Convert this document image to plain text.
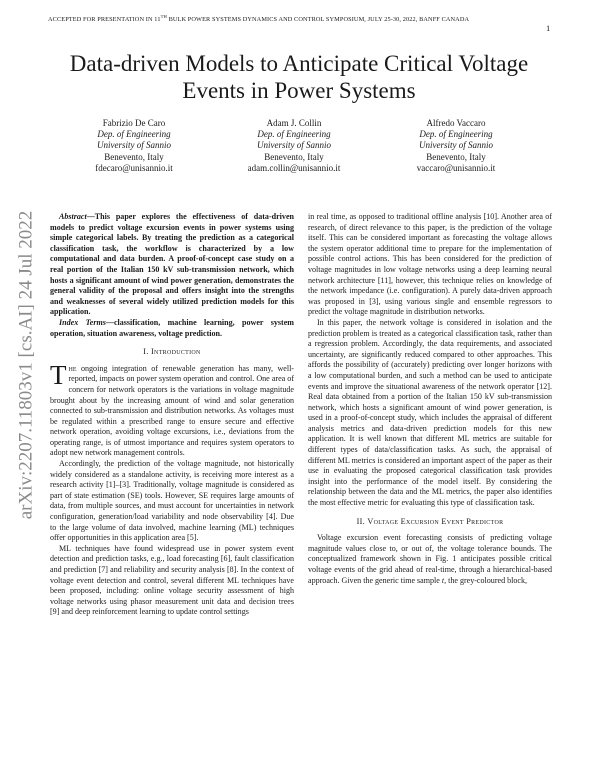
ACCEPTED FOR PRESENTATION IN 11TH BULK POWER SYSTEMS DYNAMICS AND CONTROL SYMPOSIUM, JULY 25-30, 2022, BANFF CANADA
1
arXiv:2207.11803v1 [cs.AI] 24 Jul 2022
Data-driven Models to Anticipate Critical Voltage Events in Power Systems
Fabrizio De Caro
Dep. of Engineering
University of Sannio
Benevento, Italy
fdecaro@unisannio.it
Adam J. Collin
Dep. of Engineering
University of Sannio
Benevento, Italy
adam.collin@unisannio.it
Alfredo Vaccaro
Dep. of Engineering
University of Sannio
Benevento, Italy
vaccaro@unisannio.it

Abstract—This paper explores the effectiveness of data-driven models to predict voltage excursion events in power systems using simple categorical labels. By treating the prediction as a categorical classification task, the workflow is characterized by a low computational and data burden. A proof-of-concept case study on a real portion of the Italian 150 kV sub-transmission network, which hosts a significant amount of wind power generation, demonstrates the general validity of the proposal and offers insight into the strengths and weaknesses of several widely utilized prediction models for this application.

Index Terms—classification, machine learning, power system operation, situation awareness, voltage prediction.

I. Introduction

The ongoing integration of renewable generation has many, well-reported, impacts on power system operation and control. One area of concern for network operators is the variations in voltage magnitude brought about by the increasing amount of wind and solar generation connected to sub-transmission and distribution networks. As voltages must be regulated within a prescribed range to ensure secure and effective network operation, avoiding voltage excursions, i.e., deviations from the operating range, is of utmost importance and requires system operators to adopt new network management controls.

Accordingly, the prediction of the voltage magnitude, not historically widely considered as a standalone activity, is receiving more interest as a research activity [1]–[3]. Traditionally, voltage magnitude is considered as part of state estimation (SE) tools. However, SE requires large amounts of data, from multiple sources, and must account for uncertainties in network configuration, generation/load variability and node observability [4]. Due to the large volume of data involved, machine learning (ML) techniques offer opportunities in this application area [5].

ML techniques have found widespread use in power system event detection and prediction tasks, e.g., load forecasting [6], fault classification and prediction [7] and reliability and security analysis [8]. In the context of voltage event detection and control, several different ML techniques have been proposed, including: online voltage security assessment of high voltage networks using phasor measurement unit data and decision trees [9] and deep reinforcement learning to update control settings

in real time, as opposed to traditional offline analysis [10]. Another area of research, of direct relevance to this paper, is the prediction of the voltage itself. This can be considered important as forecasting the voltage allows the system operator additional time to prepare for the implementation of possible control actions. This has been considered for the prediction of voltage magnitudes in low voltage networks using a deep learning neural network architecture [11], however, this technique relies on knowledge of the network impedance (i.e. configuration). A purely data-driven approach was proposed in [3], using various single and ensemble regressors to predict the voltage magnitude in distribution networks.

In this paper, the network voltage is considered in isolation and the prediction problem is treated as a categorical classification task, rather than a regression problem. Accordingly, the data requirements, and associated uncertainty, are significantly reduced compared to other approaches. This affords the possibility of (accurately) predicting over longer horizons with a low computational burden, and such a method can be used to anticipate events and improve the situational awareness of the network operator [12]. Real data obtained from a portion of the Italian 150 kV sub-transmission network, which hosts a significant amount of wind power generation, is used in a proof-of-concept study, which includes the appraisal of different analysis metrics and data-driven prediction models for this new application. It is well known that different ML metrics are suitable for different types of data/classification tasks. As such, the appraisal of different ML metrics is considered an important aspect of the paper as their use in evaluating the proposed categorical classification task provides insight into the performance of the model itself. By considering the relationship between the data and the ML metrics, the paper also identifies the most effective metric for evaluating this type of classification task.

II. Voltage Excursion Event Predictor

Voltage excursion event forecasting consists of predicting voltage magnitude values close to, or out of, the voltage tolerance bounds. The conceptualized framework shown in Fig. 1 anticipates possible critical voltage events of the grid ahead of real-time, through a hierarchical-based approach. Given the generic time sample t, the grey-coloured block,
